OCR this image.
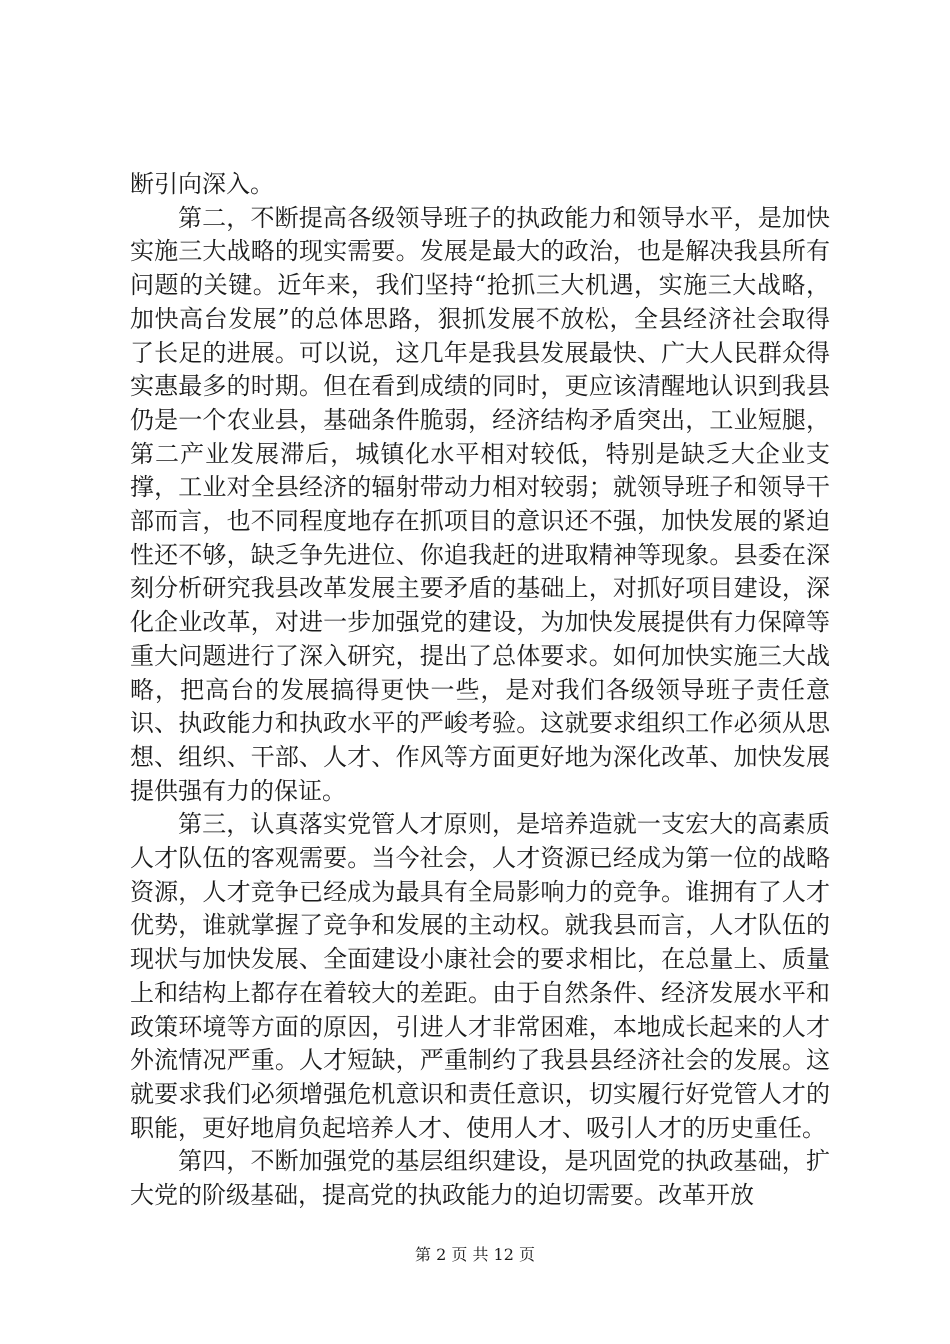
断引向深入。

第二，不断提高各级领导班子的执政能力和领导水平，是加快实施三大战略的现实需要。发展是最大的政治，也是解决我县所有问题的关键。近年来，我们坚持“抢抓三大机遇，实施三大战略，加快高台发展”的总体思路，狠抓发展不放松，全县经济社会取得了长足的进展。可以说，这几年是我县发展最快、广大人民群众得实惠最多的时期。但在看到成绩的同时，更应该清醒地认识到我县仍是一个农业县，基础条件脆弱，经济结构矛盾突出，工业短腿，第二产业发展滞后，城镇化水平相对较低，特别是缺乏大企业支撑，工业对全县经济的辐射带动力相对较弱；就领导班子和领导干部而言，也不同程度地存在抓项目的意识还不强，加快发展的紧迫性还不够，缺乏争先进位、你追我赶的进取精神等现象。县委在深刻分析研究我县改革发展主要矛盾的基础上，对抓好项目建设，深化企业改革，对进一步加强党的建设，为加快发展提供有力保障等重大问题进行了深入研究，提出了总体要求。如何加快实施三大战略，把高台的发展搞得更快一些，是对我们各级领导班子责任意识、执政能力和执政水平的严峻考验。这就要求组织工作必须从思想、组织、干部、人才、作风等方面更好地为深化改革、加快发展提供强有力的保证。

第三，认真落实党管人才原则，是培养造就一支宏大的高素质人才队伍的客观需要。当今社会，人才资源已经成为第一位的战略资源，人才竞争已经成为最具有全局影响力的竞争。谁拥有了人才优势，谁就掌握了竞争和发展的主动权。就我县而言，人才队伍的现状与加快发展、全面建设小康社会的要求相比，在总量上、质量上和结构上都存在着较大的差距。由于自然条件、经济发展水平和政策环境等方面的原因，引进人才非常困难，本地成长起来的人才外流情况严重。人才短缺，严重制约了我县县经济社会的发展。这就要求我们必须增强危机意识和责任意识，切实履行好党管人才的职能，更好地肩负起培养人才、使用人才、吸引人才的历史重任。

第四，不断加强党的基层组织建设，是巩固党的执政基础，扩大党的阶级基础，提高党的执政能力的迫切需要。改革开放

第 2 页 共 12 页
